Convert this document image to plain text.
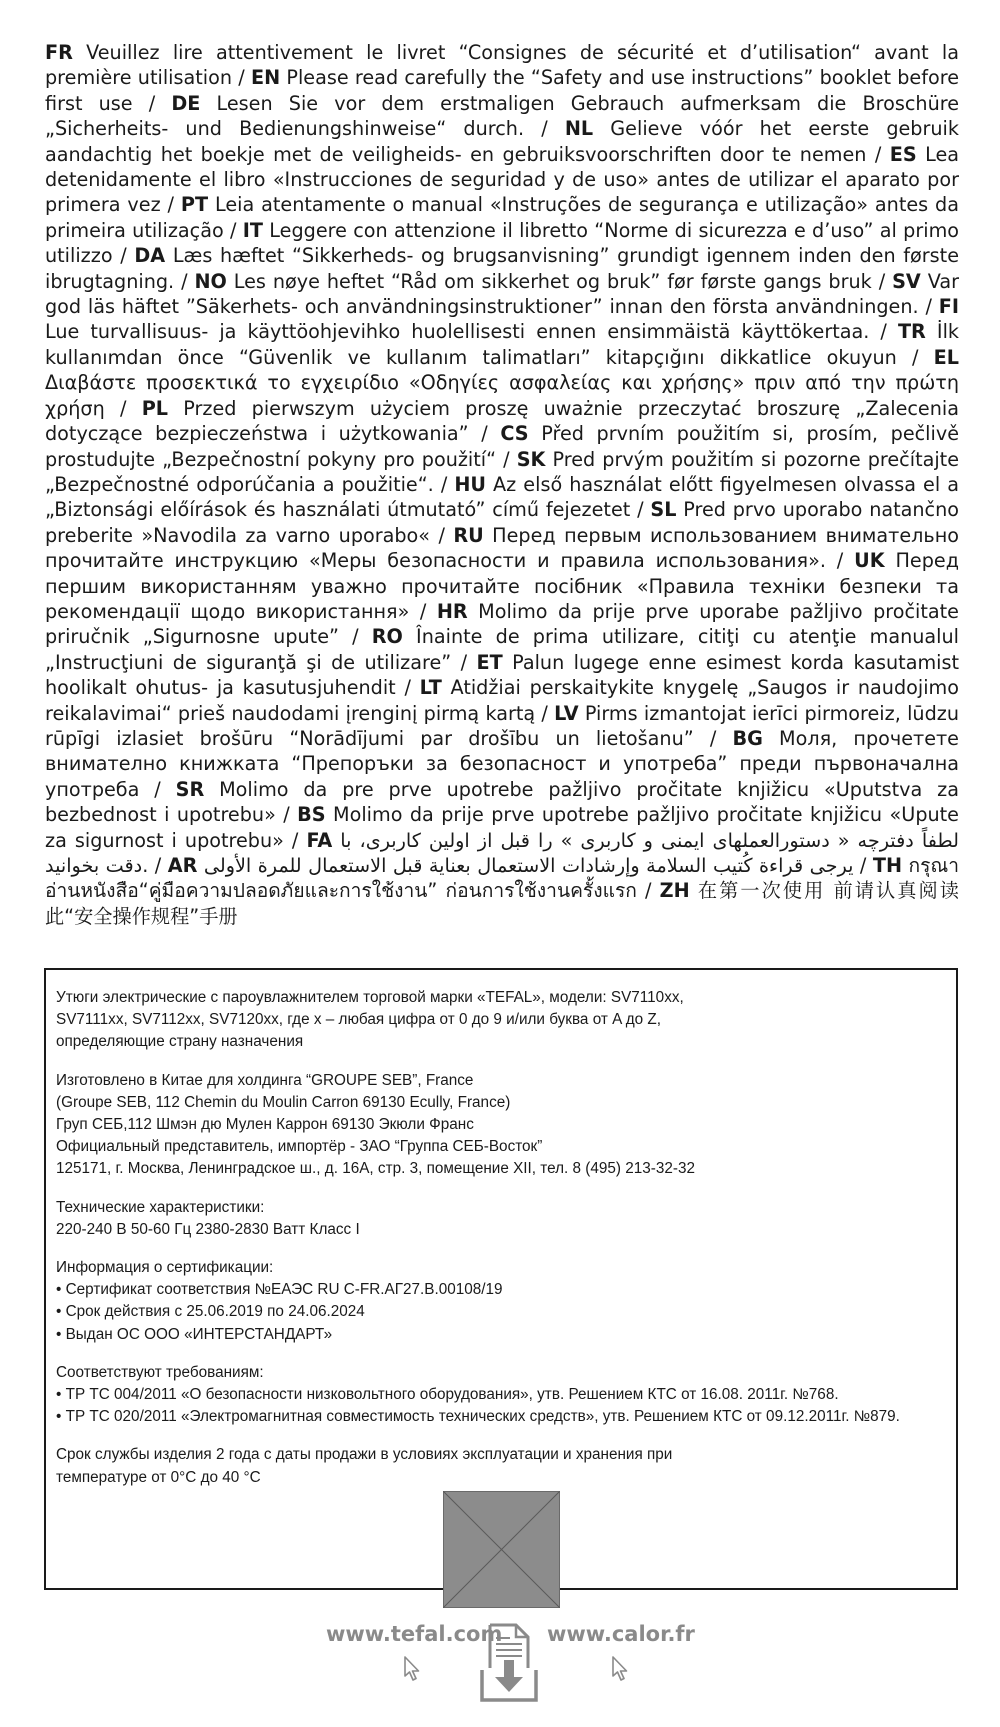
FR Veuillez lire attentivement le livret “Consignes de sécurité et d’utilisation“ avant la première utilisation / EN Please read carefully the “Safety and use instructions” booklet before first use / DE Lesen Sie vor dem erstmaligen Gebrauch aufmerksam die Broschüre „Sicherheits- und Bedienungshinweise“ durch. / NL Gelieve vóór het eerste gebruik aandachtig het boekje met de veiligheids- en gebruiksvoorschriften door te nemen / ES Lea detenidamente el libro «Instrucciones de seguridad y de uso» antes de utilizar el aparato por primera vez / PT Leia atentamente o manual «Instruções de segurança e utilização» antes da primeira utilização / IT Leggere con attenzione il libretto “Norme di sicurezza e d’uso” al primo utilizzo / DA Læs hæftet “Sikkerheds- og brugsanvisning” grundigt igennem inden den første ibrugtagning. / NO Les nøye heftet “Råd om sikkerhet og bruk” før første gangs bruk / SV Var god läs häftet ”Säkerhets- och användningsinstruktioner” innan den första användningen. / FI Lue turvallisuus- ja käyttöohjevihko huolellisesti ennen ensimmäistä käyttökertaa. / TR İlk kullanımdan önce “Güvenlik ve kullanım talimatları” kitapçığını dikkatlice okuyun / EL Διαβάστε προσεκτικά το εγχειρίδιο «Οδηγίες ασφαλείας και χρήσης» πριν από την πρώτη χρήση / PL Przed pierwszym użyciem proszę uważnie przeczytać broszurę „Zalecenia dotyczące bezpieczeństwa i użytkowania” / CS Před prvním použitím si, prosím, pečlivě prostudujte „Bezpečnostní pokyny pro použití“ / SK Pred prvým použitím si pozorne prečítajte „Bezpečnostné odporúčania a použitie“. / HU Az első használat előtt figyelmesen olvassa el a „Biztonsági előírások és használati útmutató” című fejezetet / SL Pred prvo uporabo natančno preberite »Navodila za varno uporabo« / RU Перед первым использованием внимательно прочитайте инструкцию «Меры безопасности и правила использования». / UK Перед першим використанням уважно прочитайте посібник «Правила техніки безпеки та рекомендації щодо використання» / HR Molimo da prije prve uporabe pažljivo pročitate priručnik „Sigurnosne upute” / RO Înainte de prima utilizare, citiţi cu atenţie manualul „Instrucţiuni de siguranţă şi de utilizare” / ET Palun lugege enne esimest korda kasutamist hoolikalt ohutus- ja kasutusjuhendit / LT Atidžiai perskaitykite knygelę „Saugos ir naudojimo reikalavimai“ prieš naudodami įrenginį pirmą kartą / LV Pirms izmantojat ierīci pirmoreiz, lūdzu rūpīgi izlasiet brošūru “Norādījumi par drošību un lietošanu” / BG Моля, прочетете внимателно книжката “Препоръки за безопасност и употреба” преди първоначална употреба / SR Molimo da pre prve upotrebe pažljivo pročitate knjižicu «Uputstva za bezbednost i upotrebu» / BS Molimo da prije prve upotrebe pažljivo pročitate knjižicu «Upute za sigurnost i upotrebu» / FA لطفاً دفترچه « دستورالعملهای ایمنی و کاربری » را قبل از اولین کاربری، با دقت بخوانید. / AR يرجى قراءة كُتيب السلامة وإرشادات الاستعمال بعناية قبل الاستعمال للمرة الأولى / TH กรุณาอ่านหนังสือ“คู่มือความปลอดภัยและการใช้งาน” ก่อนการใช้งานครั้งแรก / ZH 在第一次使用 前请认真阅读此“安全操作规程”手册
Утюги электрические с пароувлажнителем торговой марки «TEFAL», модели: SV7110xx,
SV7111xx, SV7112xx, SV7120xx, где x – любая цифра от 0 до 9 и/или буква от A до Z,
определяющие страну назначения
Изготовлено в Китае для холдинга “GROUPE SEB”, France
(Groupe SEB, 112 Chemin du Moulin Carron 69130 Ecully, France)
Груп СЕБ,112 Шмэн дю Мулен Каррон 69130 Экюли Франс
Официальный представитель, импортёр - ЗАО “Группа СЕБ-Восток”
125171, г. Москва, Ленинградское ш., д. 16А, стр. 3, помещение XII, тел. 8 (495) 213-32-32
Технические характеристики:
220-240 В 50-60 Гц 2380-2830 Ватт Класс I
Информация о сертификации:
• Сертификат соответствия №ЕАЭС RU C-FR.АГ27.В.00108/19
• Срок действия с 25.06.2019 по 24.06.2024
• Выдан ОС ООО «ИНТЕРСТАНДАРТ»
Соответствуют требованиям:
• ТР ТС 004/2011 «О безопасности низковольтного оборудования», утв. Решением КТС от 16.08. 2011г. №768.
• ТР ТС 020/2011 «Электромагнитная совместимость технических средств», утв. Решением КТС от 09.12.2011г. №879.
Срок службы изделия 2 года с даты продажи в условиях эксплуатации и хранения при
температуре от 0°C до 40 °C
www.tefal.com www.calor.fr
